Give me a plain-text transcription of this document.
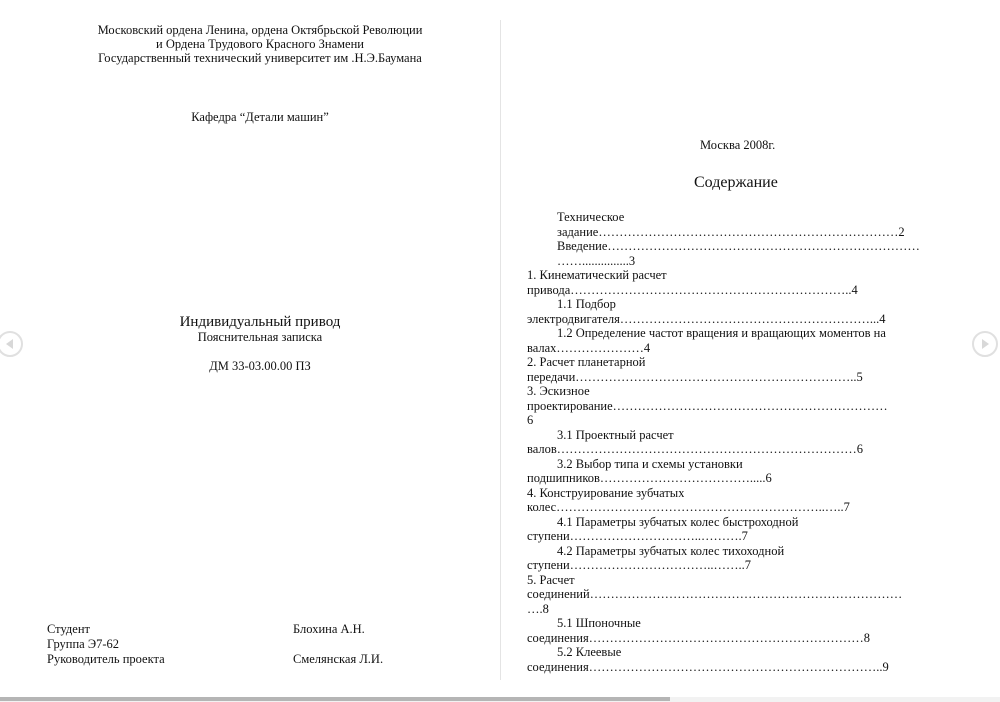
Московский ордена Ленина, ордена Октябрьской Революции
и Ордена Трудового Красного Знамени
Государственный технический университет им .Н.Э.Баумана
Кафедра “Детали машин”
Индивидуальный привод
Пояснительная записка
ДМ 33-03.00.00 ПЗ
Студент	Блохина А.Н.
Группа Э7-62
Руководитель проекта	Смелянская Л.И.
Москва 2008г.
Содержание
Техническое
задание………………………………………………………………2
Введение…………………………………………………………………
……...............3
1. Кинематический расчет
привода…………………………………………………………..4
1.1 Подбор
электродвигателя……………………………………………………...4
1.2 Определение частот вращения и вращающих моментов на
валах…………………4
2. Расчет планетарной
передачи…………………………………………………………..5
3. Эскизное
проектирование…………………………………………………………
6
3.1 Проектный расчет
валов………………………………………………………………6
3.2 Выбор типа и схемы установки
подшипников……………………………….....6
4. Конструирование зубчатых
колес………………………………………………………..…..7
4.1 Параметры зубчатых колес быстроходной
ступени…………………………..……….7
4.2 Параметры зубчатых колес тихоходной
ступени……………………………..……..7
5. Расчет
соединений…………………………………………………………………
….8
5.1 Шпоночные
соединения…………………………………………………………8
5.2 Клеевые
соединения……………………………………………………………..9
